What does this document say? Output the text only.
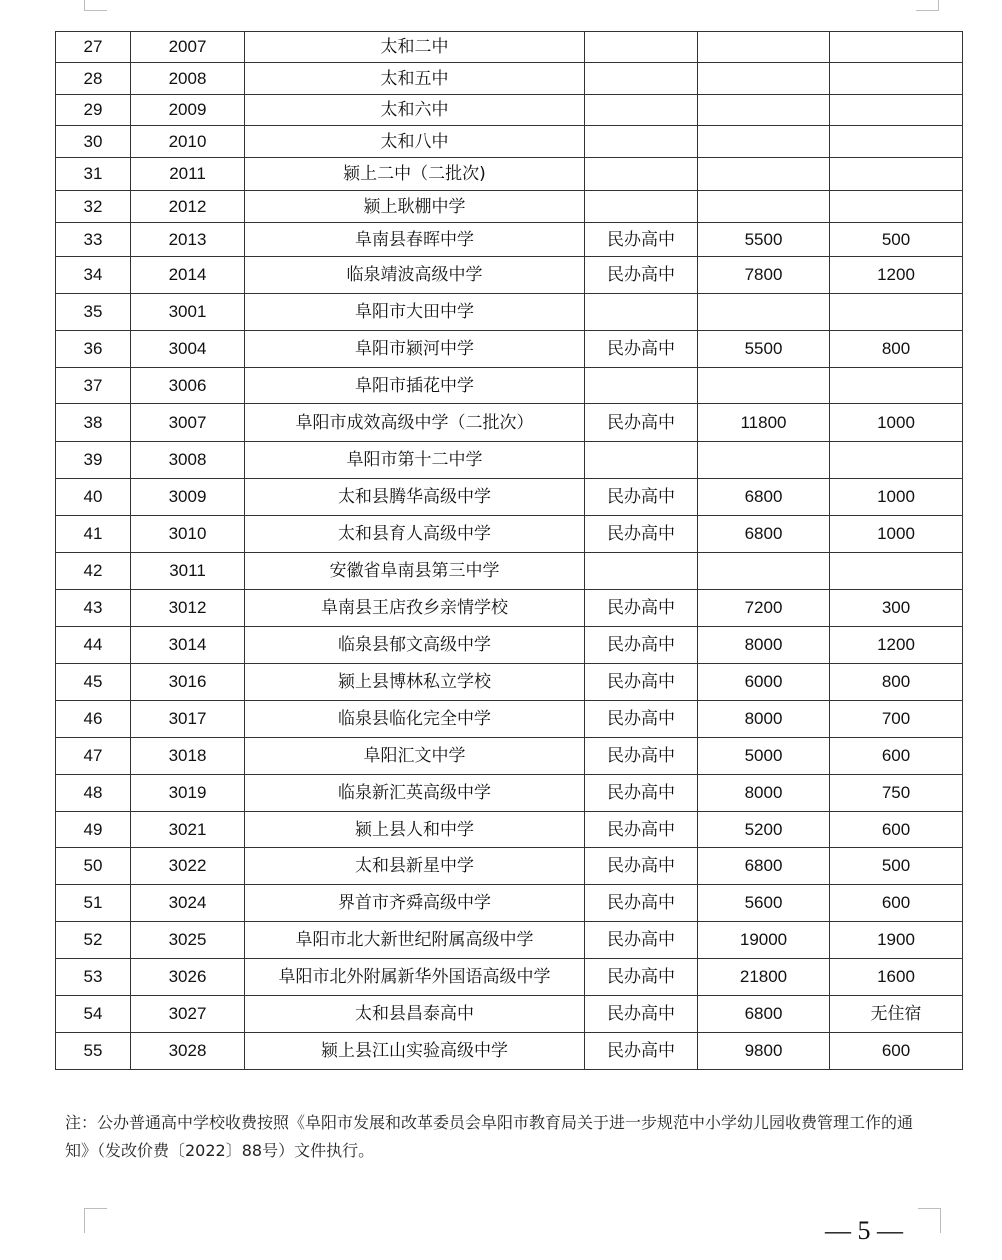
27	2007	太和二中			
28	2008	太和五中			
29	2009	太和六中			
30	2010	太和八中			
31	2011	颍上二中（二批次)			
32	2012	颍上耿棚中学			
33	2013	阜南县春晖中学	民办高中	5500	500
34	2014	临泉靖波高级中学	民办高中	7800	1200
35	3001	阜阳市大田中学			
36	3004	阜阳市颍河中学	民办高中	5500	800
37	3006	阜阳市插花中学			
38	3007	阜阳市成效高级中学（二批次）	民办高中	11800	1000
39	3008	阜阳市第十二中学			
40	3009	太和县腾华高级中学	民办高中	6800	1000
41	3010	太和县育人高级中学	民办高中	6800	1000
42	3011	安徽省阜南县第三中学			
43	3012	阜南县王店孜乡亲情学校	民办高中	7200	300
44	3014	临泉县郁文高级中学	民办高中	8000	1200
45	3016	颍上县博林私立学校	民办高中	6000	800
46	3017	临泉县临化完全中学	民办高中	8000	700
47	3018	阜阳汇文中学	民办高中	5000	600
48	3019	临泉新汇英高级中学	民办高中	8000	750
49	3021	颍上县人和中学	民办高中	5200	600
50	3022	太和县新星中学	民办高中	6800	500
51	3024	界首市齐舜高级中学	民办高中	5600	600
52	3025	阜阳市北大新世纪附属高级中学	民办高中	19000	1900
53	3026	阜阳市北外附属新华外国语高级中学	民办高中	21800	1600
54	3027	太和县昌泰高中	民办高中	6800	无住宿
55	3028	颍上县江山实验高级中学	民办高中	9800	600
注：公办普通高中学校收费按照《阜阳市发展和改革委员会阜阳市教育局关于进一步规范中小学幼儿园收费管理工作的通知》（发改价费〔2022〕88号）文件执行。
— 5 —
